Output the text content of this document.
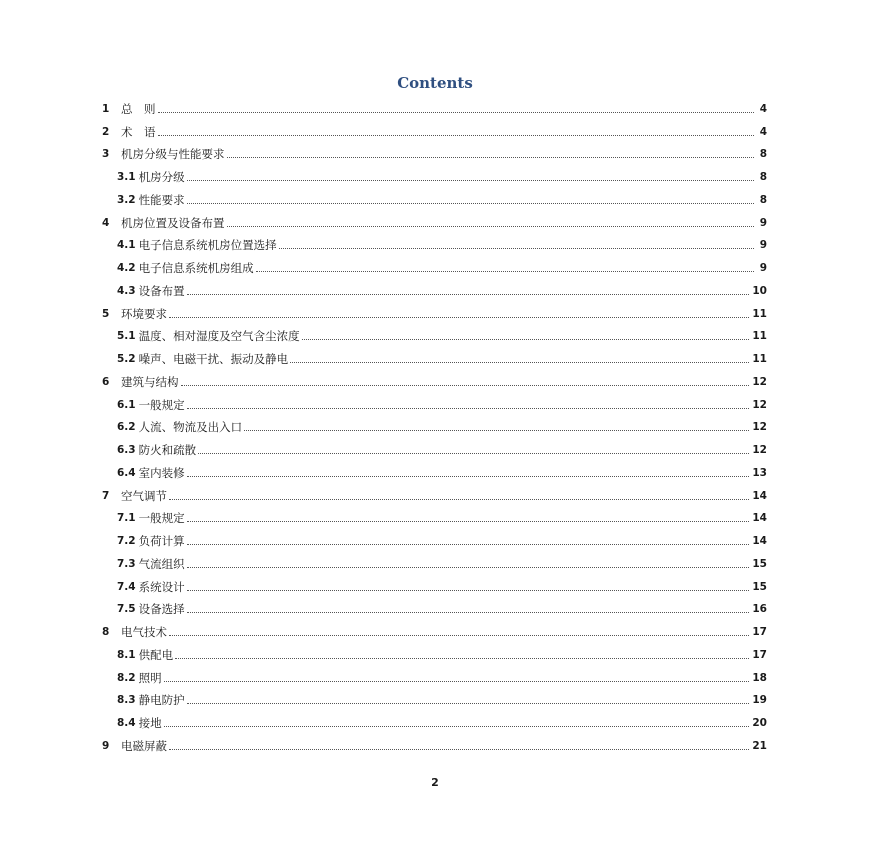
Contents
1	总　则	4
2	术　语	4
3	机房分级与性能要求	8
3.1 机房分级	8
3.2 性能要求	8
4	机房位置及设备布置	9
4.1 电子信息系统机房位置选择	9
4.2 电子信息系统机房组成	9
4.3 设备布置	10
5	环境要求	11
5.1 温度、相对湿度及空气含尘浓度	11
5.2 噪声、电磁干扰、振动及静电	11
6	建筑与结构	12
6.1 一般规定	12
6.2 人流、物流及出入口	12
6.3 防火和疏散	12
6.4 室内装修	13
7	空气调节	14
7.1 一般规定	14
7.2 负荷计算	14
7.3 气流组织	15
7.4 系统设计	15
7.5 设备选择	16
8	电气技术	17
8.1 供配电	17
8.2 照明	18
8.3 静电防护	19
8.4 接地	20
9	电磁屏蔽	21
2
